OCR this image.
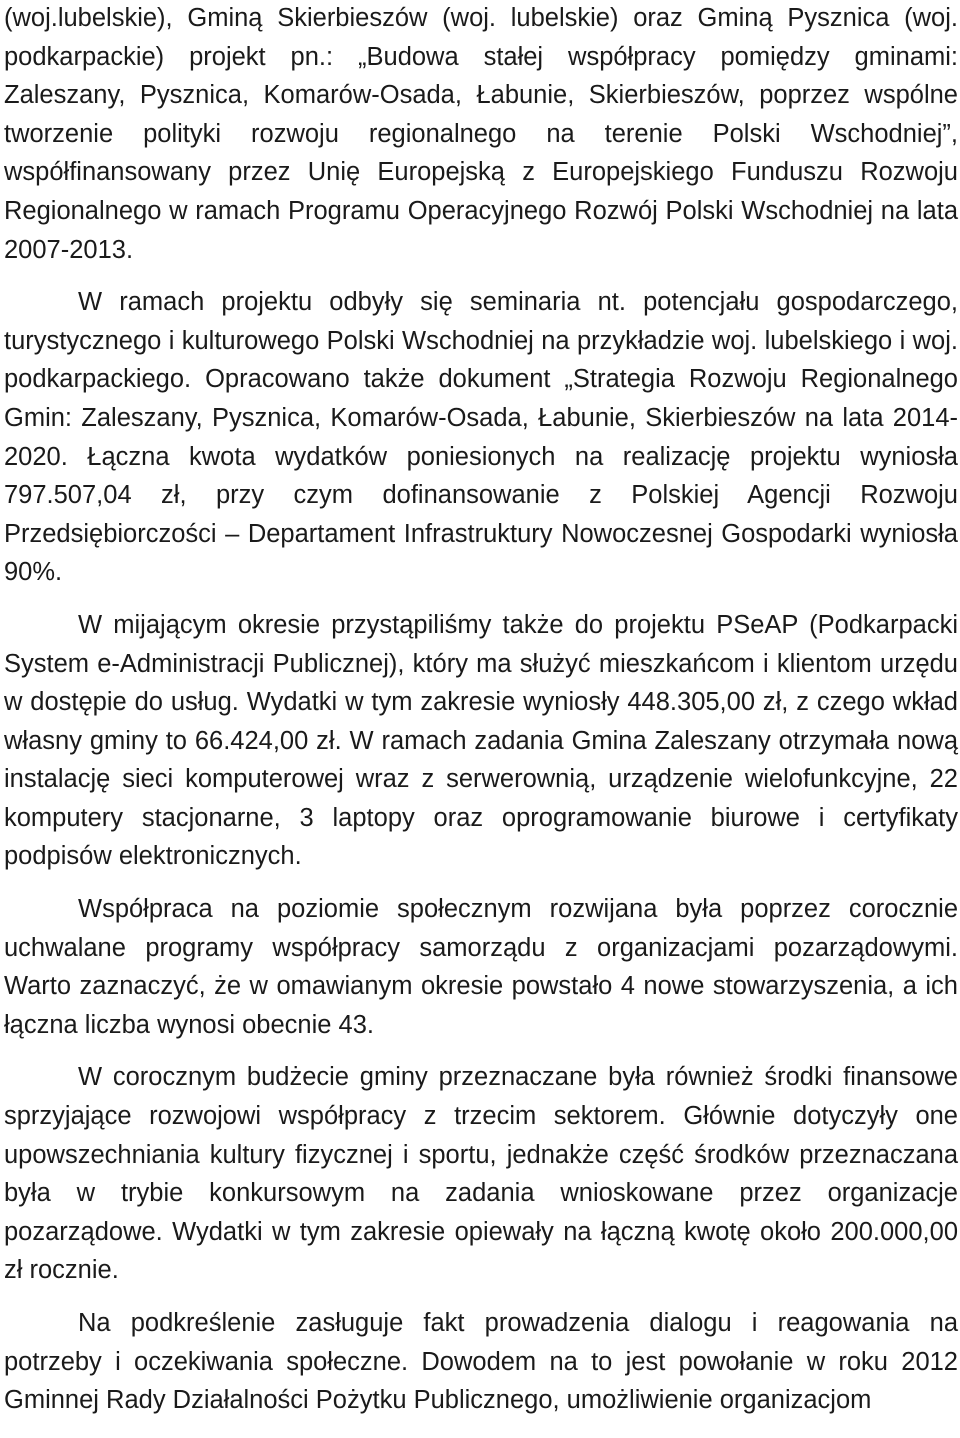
(woj.lubelskie), Gminą Skierbieszów (woj. lubelskie) oraz Gminą Pysznica (woj. podkarpackie) projekt pn.: „Budowa stałej współpracy pomiędzy gminami: Zaleszany, Pysznica, Komarów-Osada, Łabunie, Skierbieszów, poprzez wspólne tworzenie polityki rozwoju regionalnego na terenie Polski Wschodniej”, współfinansowany przez Unię Europejską z Europejskiego Funduszu Rozwoju Regionalnego w ramach Programu Operacyjnego Rozwój Polski Wschodniej na lata 2007-2013.

W ramach projektu odbyły się seminaria nt. potencjału gospodarczego, turystycznego i kulturowego Polski Wschodniej na przykładzie woj. lubelskiego i woj. podkarpackiego. Opracowano także dokument „Strategia Rozwoju Regionalnego Gmin: Zaleszany, Pysznica, Komarów-Osada, Łabunie, Skierbieszów na lata 2014-2020. Łączna kwota wydatków poniesionych na realizację projektu wyniosła 797.507,04 zł, przy czym dofinansowanie z Polskiej Agencji Rozwoju Przedsiębiorczości – Departament Infrastruktury Nowoczesnej Gospodarki wyniosła 90%.

W mijającym okresie przystąpiliśmy także do projektu PSeAP (Podkarpacki System e-Administracji Publicznej), który ma służyć mieszkańcom i klientom urzędu w dostępie do usług. Wydatki w tym zakresie wyniosły 448.305,00 zł, z czego wkład własny gminy to 66.424,00 zł. W ramach zadania Gmina Zaleszany otrzymała nową instalację sieci komputerowej wraz z serwerownią, urządzenie wielofunkcyjne, 22 komputery stacjonarne, 3 laptopy oraz oprogramowanie biurowe i certyfikaty podpisów elektronicznych.

Współpraca na poziomie społecznym rozwijana była poprzez corocznie uchwalane programy współpracy samorządu z organizacjami pozarządowymi. Warto zaznaczyć, że w omawianym okresie powstało 4 nowe stowarzyszenia, a ich łączna liczba wynosi obecnie 43.

W corocznym budżecie gminy przeznaczane była również środki finansowe sprzyjające rozwojowi współpracy z trzecim sektorem. Głównie dotyczyły one upowszechniania kultury fizycznej i sportu, jednakże część środków przeznaczana była w trybie konkursowym na zadania wnioskowane przez organizacje pozarządowe. Wydatki w tym zakresie opiewały na łączną kwotę około 200.000,00 zł rocznie.

Na podkreślenie zasługuje fakt prowadzenia dialogu i reagowania na potrzeby i oczekiwania społeczne. Dowodem na to jest powołanie w roku 2012 Gminnej Rady Działalności Pożytku Publicznego, umożliwienie organizacjom
